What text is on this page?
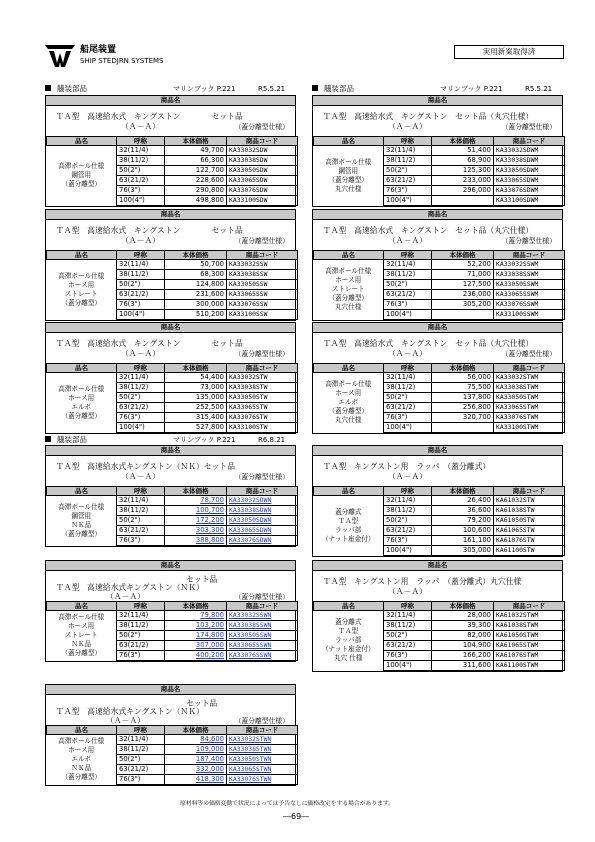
船尾装置
SHIP STEDJRN SYSTEMS
実用新案取得済
艤装部品	マリンブック P.221	R5.5.21	艤装部品	マリンブック P.221	R5.5.21
艤装部品	マリンブック P.221	R6.8.21
商品名
ＴＡ型　高速給水式　キングストン　　　　セット品
（Ａ－Ａ）	（蓋分離型仕様）
品名	呼称	本体価格	商品コード

高滞ボール仕様
鋼管用
（蓋分離型）	32(11/4)	49,700	KA33032SDW
	38(11/2)	66,300	KA33038SDW
	50(2")	122,700	KA33050SDW
	63(21/2)	228,600	KA33065SDW
	76(3")	290,800	KA33076SDW
	100(4")	498,800	KA33100SDW
商品名
ＴＡ型　高速給水式　キングストン　セット品（丸穴仕様）
（Ａ－Ａ）	（蓋分離型仕様）
品名	呼称	本体価格	商品コード

高滞ボール仕様
鋼管用
（蓋分離型）
丸穴仕様	32(11/4)	51,400	KA33032SDWM
	38(11/2)	68,900	KA33038SDWM
	50(2")	125,300	KA33050SDWM
	63(21/2)	233,000	KA33065SDWM
	76(3")	296,000	KA33076SDWM
	100(4")		KA33100SDWM
商品名
ＴＡ型　高速給水式　キングストン　　　　セット品
（Ａ－Ａ）	（蓋分離型仕様）
品名	呼称	本体価格	商品コード

高滞ボール仕様
ホース用
ストレート
（蓋分離型）	32(11/4)	50,700	KA33032SSW
	38(11/2)	68,300	KA33038SSW
	50(2")	124,800	KA33050SSW
	63(21/2)	231,600	KA33065SSW
	76(3")	300,000	KA33076SSW
	100(4")	510,200	KA33100SSW
商品名
ＴＡ型　高速給水式　キングストン　セット品（丸穴仕様）
（Ａ－Ａ）	（蓋分離型仕様）
品名	呼称	本体価格	商品コード

高滞ボール仕様
ホース用
ストレート
（蓋分離型）
丸穴仕様	32(11/4)	52,200	KA33032SSWM
	38(11/2)	71,000	KA33038SSWM
	50(2")	127,500	KA33050SSWM
	63(21/2)	236,000	KA33065SSWM
	76(3")	305,200	KA33076SSWM
	100(4")		KA33100SSWM
商品名
ＴＡ型　高速給水式　キングストン　　　　セット品
（Ａ－Ａ）	（蓋分離型仕様）
品名	呼称	本体価格	商品コード

高滞ボール仕様
ホース用
エルボ
（蓋分離型）	32(11/4)	54,400	KA33032STW
	38(11/2)	73,000	KA33038STW
	50(2")	135,000	KA33050STW
	63(21/2)	252,500	KA33065STW
	76(3")	315,400	KA33076STW
	100(4")	527,800	KA33100STW
商品名
ＴＡ型　高速給水式　キングストン　セット品（丸穴仕様）
（Ａ－Ａ）	（蓋分離型仕様）
品名	呼称	本体価格	商品コード

高滞ボール仕様
ホース用
エルボ
（蓋分離型）
丸穴仕様	32(11/4)	56,000	KA33032STWM
	38(11/2)	75,500	KA33038STWM
	50(2")	137,800	KA33050STWM
	63(21/2)	256,800	KA33065STWM
	76(3")	320,700	KA33076STWM
	100(4")		KA33100STWM
商品名
ＴＡ型　高速給水式キングストン（ＮＫ）セット品
（Ａ－Ａ）	（蓋分離型仕様）
品名	呼称	本体価格	商品コード

高滞ボール仕様
鋼管用
ＮＫ品
（蓋分離型）	32(11/4)	78,700	KA33032SDWN
	38(11/2)	100,700	KA33038SDWN
	50(2")	172,200	KA33050SDWN
	63(21/2)	303,300	KA33065SDWN
	76(3")	388,800	KA33076SDWN
商品名
ＴＡ型　キングストン用　ラッパ　（蓋分離式）
（Ａ－Ａ）
品名	呼称	本体価格	商品コード

蓋分離式
ＴＡ型
ラッパ部
（ナット座金付）	32(11/4)	26,400	KA61032STW
	38(11/2)	36,600	KA61038STW
	50(2")	79,200	KA61050STW
	63(21/2)	100,600	KA61065STW
	76(3")	161,100	KA61076STW
	100(4")	305,000	KA61100STW
商品名
セット品
ＴＡ型　高速給水式キングストン（ＮＫ）
（Ａ－Ａ）	（蓋分離型仕様）
品名	呼称	本体価格	商品コード

高滞ボール仕様
ホース用
ストレート
ＮＫ品
（蓋分離型）	32(11/4)	79,800	KA33032SSWN
	38(11/2)	103,200	KA33038SSWN
	50(2")	174,800	KA33050SSWN
	63(21/2)	307,000	KA33065SSWN
	76(3")	400,200	KA33076SSWN
商品名
ＴＡ型　キングストン用　ラッパ　（蓋分離式）丸穴仕様
（Ａ－Ａ）
品名	呼称	本体価格	商品コード

蓋分離式
ＴＡ型
ラッパ部
（ナット座金付）
丸穴 仕様	32(11/4)	28,000	KA61032STWM
	38(11/2)	39,300	KA61038STWM
	50(2")	82,000	KA61050STWM
	63(21/2)	104,900	KA61065STWM
	76(3")	166,200	KA61076STWM
	100(4")	311,600	KA61100STWM
商品名
セット品
ＴＡ型　高速給水式キングストン（ＮＫ）
（Ａ－Ａ）	（蓋分離型仕様）
品名	呼称	本体価格	商品コード

高滞ボール仕様
ホース用
エルボ
ＮＫ品
（蓋分離型）	32(11/4)	84,600	KA33032STWN
	38(11/2)	109,000	KA33038STWN
	50(2")	187,400	KA33050STWN
	63(21/2)	332,000	KA33065STWN
	76(3")	418,300	KA33076STWN
原材料等の価格変動で状況によっては予告なしに価格改定をする場合があります。
―69―
